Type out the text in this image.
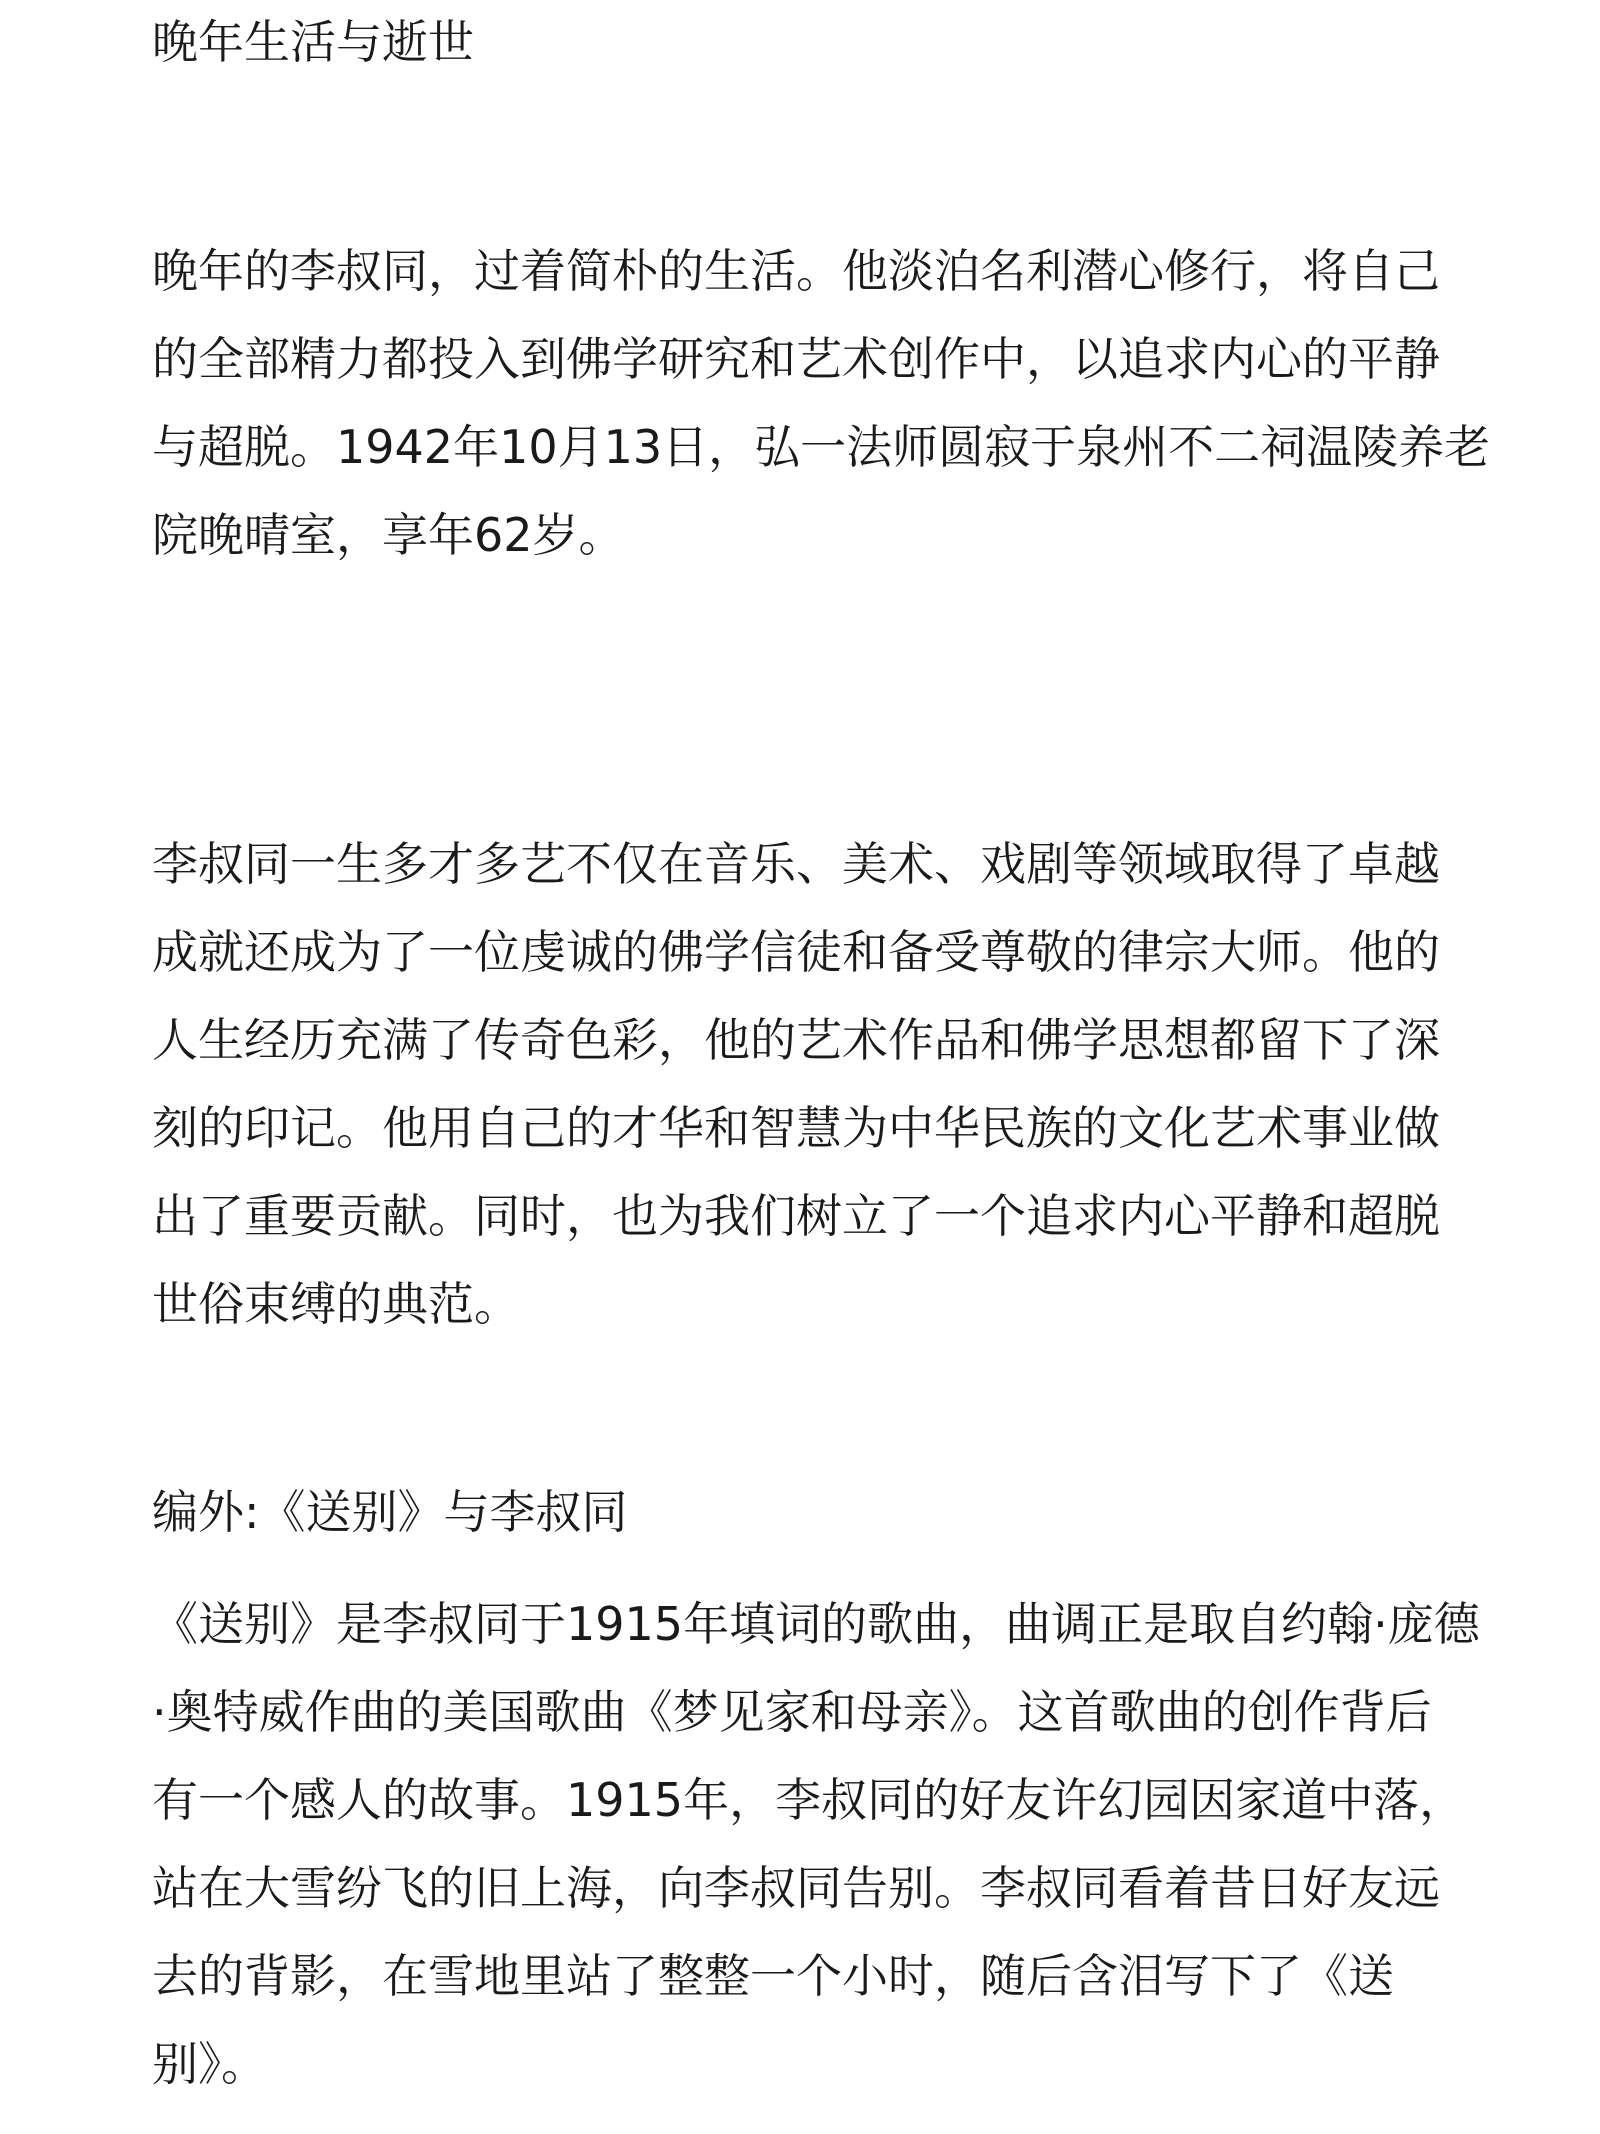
晚年生活与逝世
晚年的李叔同，过着简朴的生活。他淡泊名利潜心修行，将自己
的全部精力都投入到佛学研究和艺术创作中，以追求内心的平静
与超脱。1942年10月13日，弘一法师圆寂于泉州不二祠温陵养老
院晚晴室，享年62岁。
李叔同一生多才多艺不仅在音乐、美术、戏剧等领域取得了卓越
成就还成为了一位虔诚的佛学信徒和备受尊敬的律宗大师。他的
人生经历充满了传奇色彩，他的艺术作品和佛学思想都留下了深
刻的印记。他用自己的才华和智慧为中华民族的文化艺术事业做
出了重要贡献。同时，也为我们树立了一个追求内心平静和超脱
世俗束缚的典范。
编外:《送别》与李叔同
《送别》是李叔同于1915年填词的歌曲，曲调正是取自约翰·庞德
·奥特威作曲的美国歌曲《梦见家和母亲》。这首歌曲的创作背后
有一个感人的故事。1915年，李叔同的好友许幻园因家道中落，
站在大雪纷飞的旧上海，向李叔同告别。李叔同看着昔日好友远
去的背影，在雪地里站了整整一个小时，随后含泪写下了《送
别》。
